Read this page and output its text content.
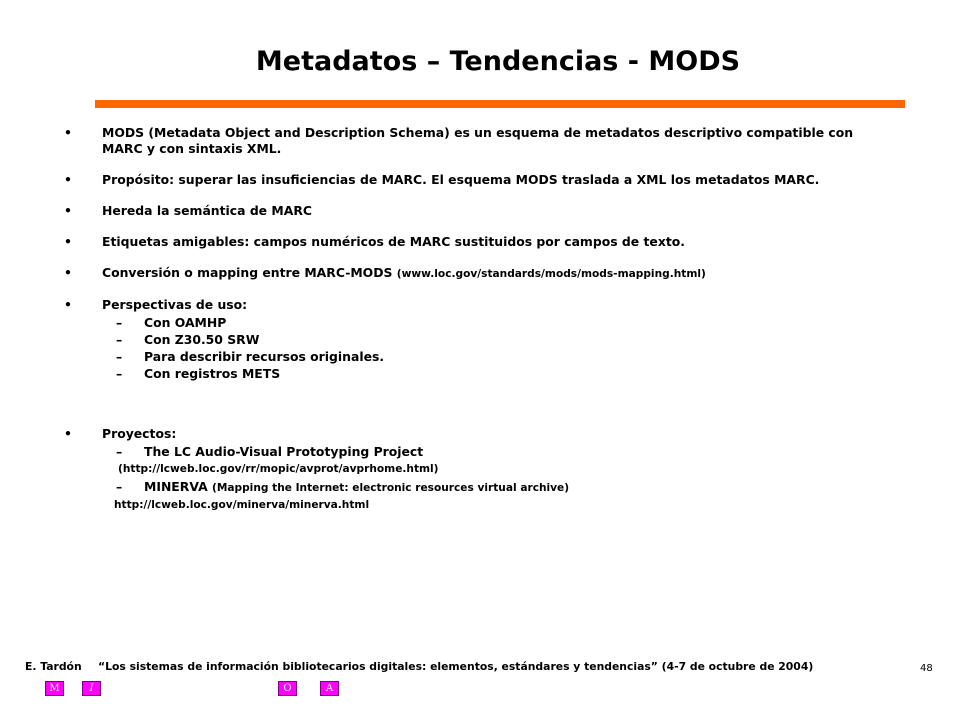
Metadatos – Tendencias - MODS
• MODS (Metadata Object and Description Schema) es un esquema de metadatos descriptivo compatible con MARC y con sintaxis XML.
• Propósito: superar las insuficiencias de MARC. El esquema MODS traslada a XML los metadatos MARC.
• Hereda la semántica de MARC
• Etiquetas amigables: campos numéricos de MARC sustituidos por campos de texto.
• Conversión o mapping entre MARC-MODS (www.loc.gov/standards/mods/mods-mapping.html)
• Perspectivas de uso:
– Con OAMHP
– Con Z30.50 SRW
– Para describir recursos originales.
– Con registros METS
• Proyectos:
– The LC Audio-Visual Prototyping Project
(http://lcweb.loc.gov/rr/mopic/avprot/avprhome.html)
– MINERVA (Mapping the Internet: electronic resources virtual archive)
http://lcweb.loc.gov/minerva/minerva.html
E. Tardón “Los sistemas de información bibliotecarios digitales: elementos, estándares y tendencias” (4-7 de octubre de 2004)	48
M	I	O	A
